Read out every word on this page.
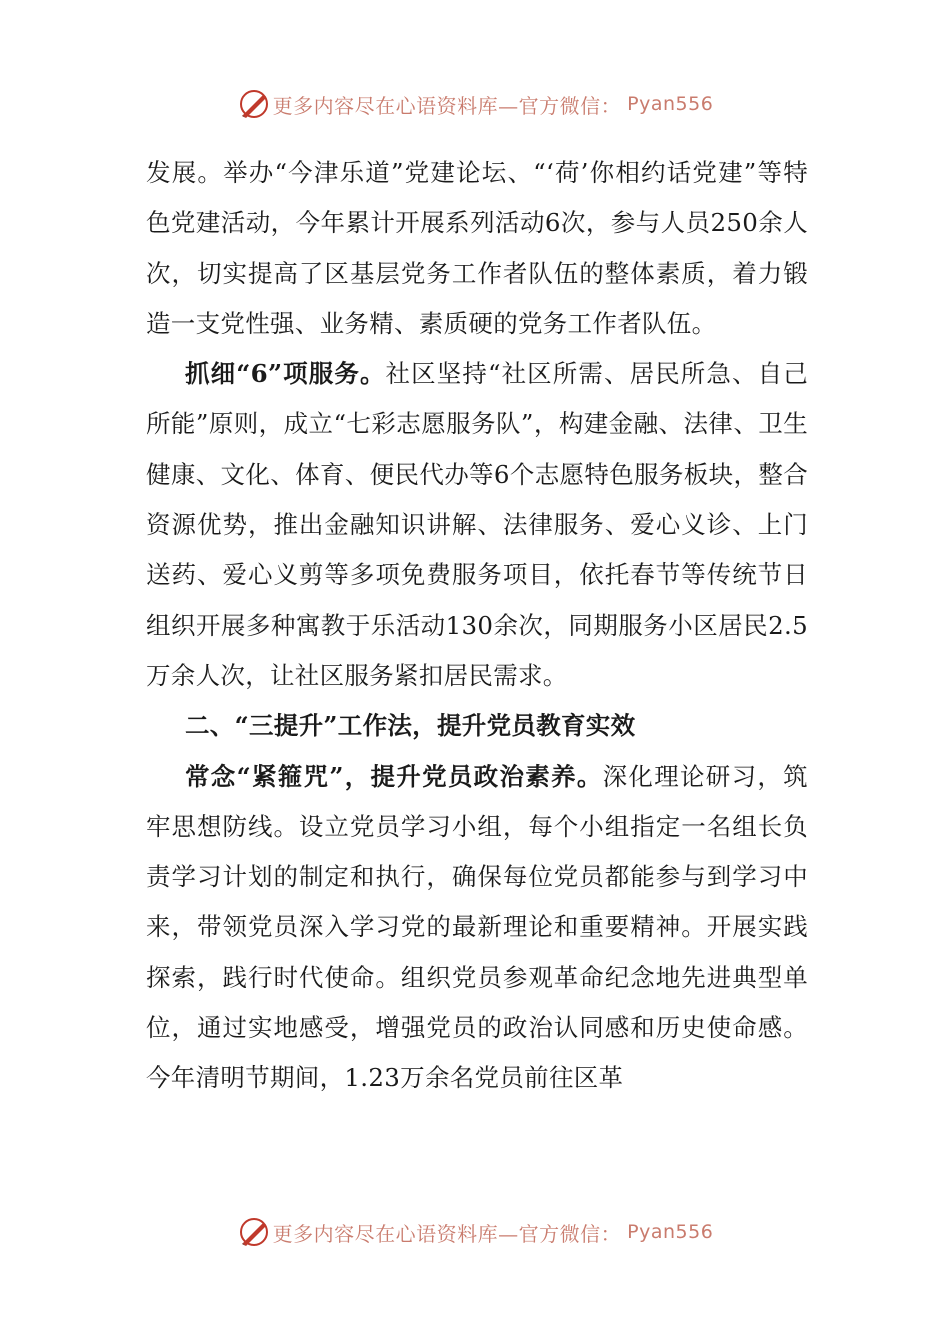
更多内容尽在心语资料库—官方微信： Pyan556

发展。举办“今津乐道”党建论坛、“‘荷’你相约话党建”等特色党建活动，今年累计开展系列活动6次，参与人员250余人次，切实提高了区基层党务工作者队伍的整体素质，着力锻造一支党性强、业务精、素质硬的党务工作者队伍。

抓细“6”项服务。社区坚持“社区所需、居民所急、自己所能”原则，成立“七彩志愿服务队”，构建金融、法律、卫生健康、文化、体育、便民代办等6个志愿特色服务板块，整合资源优势，推出金融知识讲解、法律服务、爱心义诊、上门送药、爱心义剪等多项免费服务项目，依托春节等传统节日组织开展多种寓教于乐活动130余次，同期服务小区居民2.5万余人次，让社区服务紧扣居民需求。

二、“三提升”工作法，提升党员教育实效

常念“紧箍咒”，提升党员政治素养。深化理论研习，筑牢思想防线。设立党员学习小组，每个小组指定一名组长负责学习计划的制定和执行，确保每位党员都能参与到学习中来，带领党员深入学习党的最新理论和重要精神。开展实践探索，践行时代使命。组织党员参观革命纪念地先进典型单位，通过实地感受，增强党员的政治认同感和历史使命感。今年清明节期间，1.23万余名党员前往区革

更多内容尽在心语资料库—官方微信： Pyan556
